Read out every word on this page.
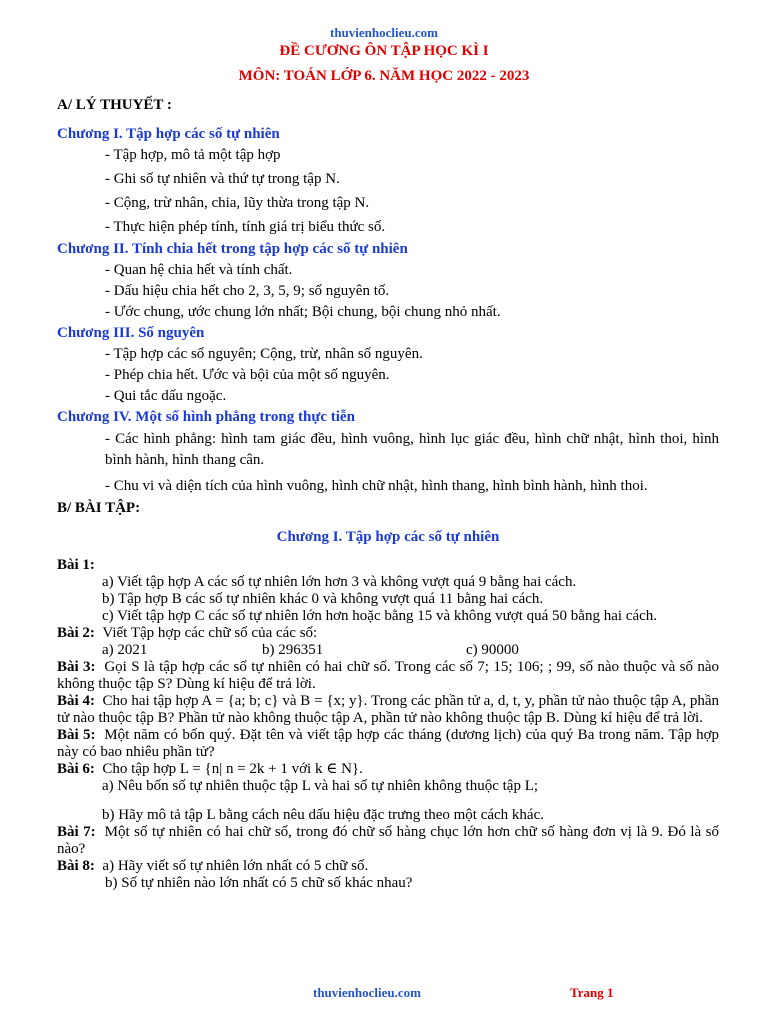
thuvienhoclieu.com
ĐỀ CƯƠNG ÔN TẬP HỌC KÌ I
MÔN: TOÁN LỚP 6. NĂM HỌC 2022 - 2023
A/ LÝ THUYẾT :
Chương I. Tập hợp các số tự nhiên
- Tập hợp, mô tả một tập hợp
- Ghi số tự nhiên và thứ tự trong tập N.
- Cộng, trừ nhân, chia, lũy thừa trong tập N.
- Thực hiện phép tính, tính giá trị biểu thức số.
Chương II. Tính chia hết trong tập hợp các số tự nhiên
- Quan hệ chia hết và tính chất.
- Dấu hiệu chia hết cho 2, 3, 5, 9; số nguyên tố.
- Ước chung, ước chung lớn nhất; Bội chung, bội chung nhỏ nhất.
Chương III. Số nguyên
- Tập hợp các số nguyên; Cộng, trừ, nhân số nguyên.
- Phép chia hết. Ước và bội của một số nguyên.
- Qui tắc dấu ngoặc.
Chương IV. Một số hình phẳng trong thực tiễn
- Các hình phẳng: hình tam giác đều, hình vuông, hình lục giác đều, hình chữ nhật, hình thoi, hình bình hành, hình thang cân.
- Chu vi và diện tích của hình vuông, hình chữ nhật, hình thang, hình bình hành, hình thoi.
B/ BÀI TẬP:
Chương I. Tập hợp các số tự nhiên
Bài 1:
a) Viết tập hợp A các số tự nhiên lớn hơn 3 và không vượt quá 9 bằng hai cách.
b) Tập hợp B các số tự nhiên khác 0 và không vượt quá 11 bằng hai cách.
c) Viết tập hợp C các số tự nhiên lớn hơn hoặc bằng 15 và không vượt quá 50 bằng hai cách.
Bài 2: Viết Tập hợp các chữ số của các số:
a) 2021	b) 296351	c) 90000
Bài 3: Gọi S là tập hợp các số tự nhiên có hai chữ số. Trong các số 7; 15; 106; ; 99, số nào thuộc và số nào không thuộc tập S? Dùng kí hiệu để trả lời.
Bài 4: Cho hai tập hợp A = {a; b; c} và B = {x; y}. Trong các phần tử a, d, t, y, phần tử nào thuộc tập A, phần tử nào thuộc tập B? Phần tử nào không thuộc tập A, phần tử nào không thuộc tập B. Dùng kí hiệu để trả lời.
Bài 5: Một năm có bốn quý. Đặt tên và viết tập hợp các tháng (dương lịch) của quý Ba trong năm. Tập hợp này có bao nhiêu phần tử?
Bài 6: Cho tập hợp L = {n| n = 2k + 1 với k ∈ N}.
a) Nêu bốn số tự nhiên thuộc tập L và hai số tự nhiên không thuộc tập L;
b) Hãy mô tả tập L bằng cách nêu dấu hiệu đặc trưng theo một cách khác.
Bài 7: Một số tự nhiên có hai chữ số, trong đó chữ số hàng chục lớn hơn chữ số hàng đơn vị là 9. Đó là số nào?
Bài 8: a) Hãy viết số tự nhiên lớn nhất có 5 chữ số.
b) Số tự nhiên nào lớn nhất có 5 chữ số khác nhau?
thuvienhoclieu.com	Trang 1
